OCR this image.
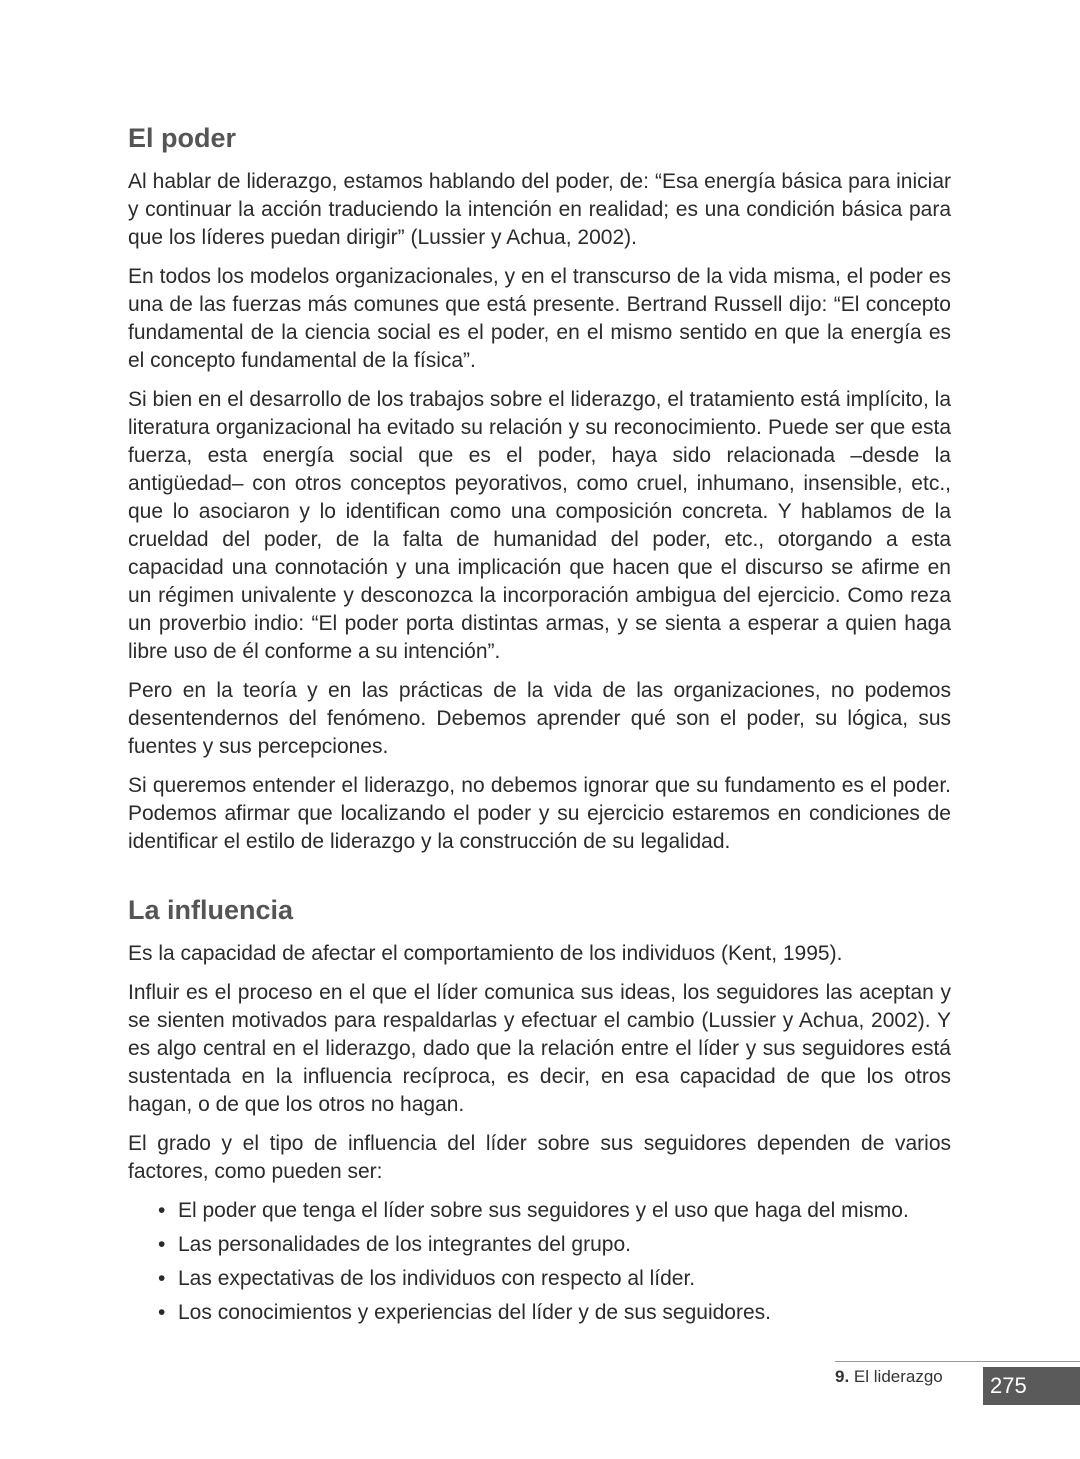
El poder

Al hablar de liderazgo, estamos hablando del poder, de: “Esa energía básica para iniciar y continuar la acción traduciendo la intención en realidad; es una condición básica para que los líderes puedan dirigir” (Lussier y Achua, 2002).

En todos los modelos organizacionales, y en el transcurso de la vida misma, el poder es una de las fuerzas más comunes que está presente. Bertrand Russell dijo: “El concepto fundamental de la ciencia social es el poder, en el mismo sentido en que la energía es el concepto fundamental de la física”.

Si bien en el desarrollo de los trabajos sobre el liderazgo, el tratamiento está implícito, la literatura organizacional ha evitado su relación y su reconocimiento. Puede ser que esta fuerza, esta energía social que es el poder, haya sido relacionada –desde la antigüedad– con otros conceptos peyorativos, como cruel, inhumano, insensible, etc., que lo asociaron y lo identifican como una composición concreta. Y hablamos de la crueldad del poder, de la falta de humanidad del poder, etc., otorgando a esta capacidad una connotación y una implicación que hacen que el discurso se afirme en un régimen univalente y desconozca la incorporación ambigua del ejercicio. Como reza un proverbio indio: “El poder porta distintas armas, y se sienta a esperar a quien haga libre uso de él conforme a su intención”.

Pero en la teoría y en las prácticas de la vida de las organizaciones, no podemos desentendernos del fenómeno. Debemos aprender qué son el poder, su lógica, sus fuentes y sus percepciones.

Si queremos entender el liderazgo, no debemos ignorar que su fundamento es el poder. Podemos afirmar que localizando el poder y su ejercicio estaremos en condiciones de identificar el estilo de liderazgo y la construcción de su legalidad.

La influencia

Es la capacidad de afectar el comportamiento de los individuos (Kent, 1995).

Influir es el proceso en el que el líder comunica sus ideas, los seguidores las aceptan y se sienten motivados para respaldarlas y efectuar el cambio (Lussier y Achua, 2002). Y es algo central en el liderazgo, dado que la relación entre el líder y sus seguidores está sustentada en la influencia recíproca, es decir, en esa capacidad de que los otros hagan, o de que los otros no hagan.

El grado y el tipo de influencia del líder sobre sus seguidores dependen de varios factores, como pueden ser:

• El poder que tenga el líder sobre sus seguidores y el uso que haga del mismo.
• Las personalidades de los integrantes del grupo.
• Las expectativas de los individuos con respecto al líder.
• Los conocimientos y experiencias del líder y de sus seguidores.
9. El liderazgo 275
